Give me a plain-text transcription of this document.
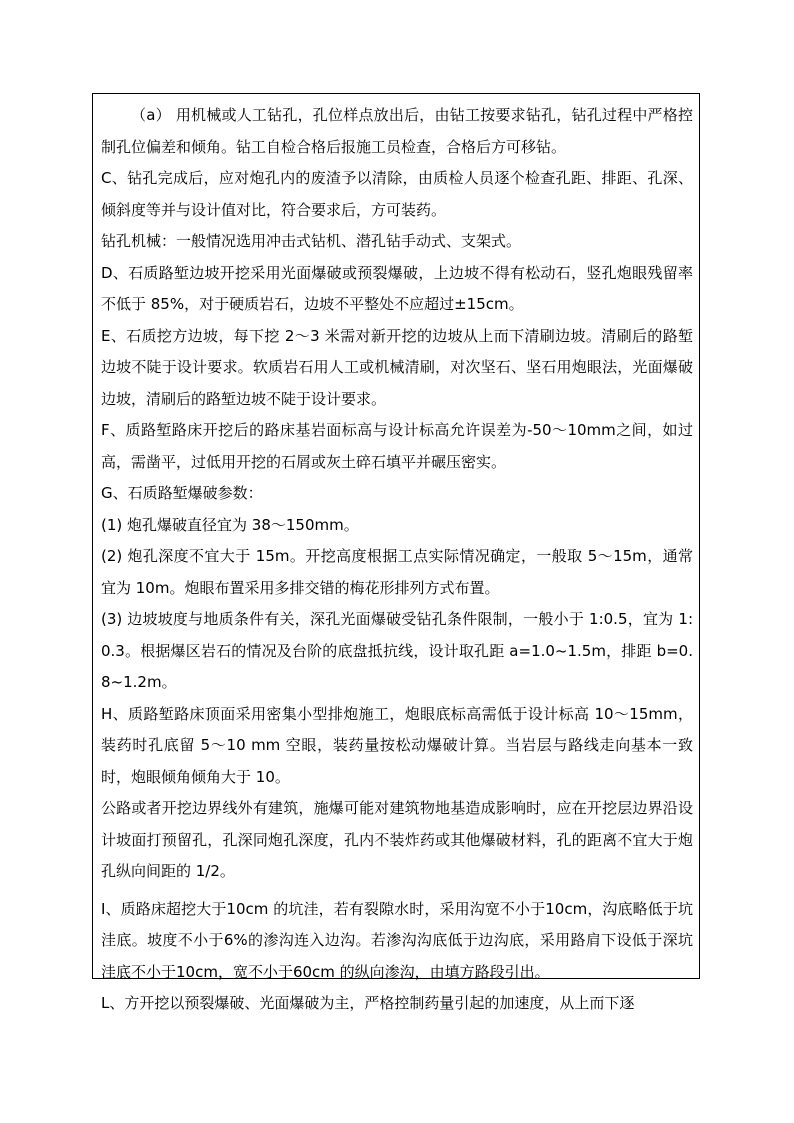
（a） 用机械或人工钻孔，孔位样点放出后，由钻工按要求钻孔，钻孔过程中严格控制孔位偏差和倾角。钻工自检合格后报施工员检查，合格后方可移钻。

C、钻孔完成后，应对炮孔内的废渣予以清除，由质检人员逐个检查孔距、排距、孔深、倾斜度等并与设计值对比，符合要求后，方可装药。

钻孔机械：一般情况选用冲击式钻机、潜孔钻手动式、支架式。

D、石质路堑边坡开挖采用光面爆破或预裂爆破，上边坡不得有松动石，竖孔炮眼残留率不低于 85%，对于硬质岩石，边坡不平整处不应超过±15cm。

E、石质挖方边坡，每下挖 2～3 米需对新开挖的边坡从上而下清刷边坡。清刷后的路堑边坡不陡于设计要求。软质岩石用人工或机械清刷，对次坚石、坚石用炮眼法，光面爆破边坡，清刷后的路堑边坡不陡于设计要求。

F、质路堑路床开挖后的路床基岩面标高与设计标高允许误差为-50～10mm之间，如过高，需凿平，过低用开挖的石屑或灰土碎石填平并碾压密实。

G、石质路堑爆破参数：

(1) 炮孔爆破直径宜为 38～150mm。

(2) 炮孔深度不宜大于 15m。开挖高度根据工点实际情况确定，一般取 5～15m，通常宜为 10m。炮眼布置采用多排交错的梅花形排列方式布置。

(3) 边坡坡度与地质条件有关，深孔光面爆破受钻孔条件限制，一般小于 1:0.5，宜为 1:0.3。根据爆区岩石的情况及台阶的底盘抵抗线，设计取孔距 a=1.0~1.5m，排距 b=0.8~1.2m。

H、质路堑路床顶面采用密集小型排炮施工，炮眼底标高需低于设计标高 10～15mm，装药时孔底留 5～10 mm 空眼，装药量按松动爆破计算。当岩层与路线走向基本一致时，炮眼倾角倾角大于 10。

公路或者开挖边界线外有建筑，施爆可能对建筑物地基造成影响时，应在开挖层边界沿设计坡面打预留孔，孔深同炮孔深度，孔内不装炸药或其他爆破材料，孔的距离不宜大于炮孔纵向间距的 1/2。

I、质路床超挖大于10cm 的坑洼，若有裂隙水时，采用沟宽不小于10cm，沟底略低于坑洼底。坡度不小于6%的渗沟连入边沟。若渗沟沟底低于边沟底，采用路肩下设低于深坑洼底不小于10cm，宽不小于60cm 的纵向渗沟，由填方路段引出。

L、方开挖以预裂爆破、光面爆破为主，严格控制药量引起的加速度，从上而下逐
